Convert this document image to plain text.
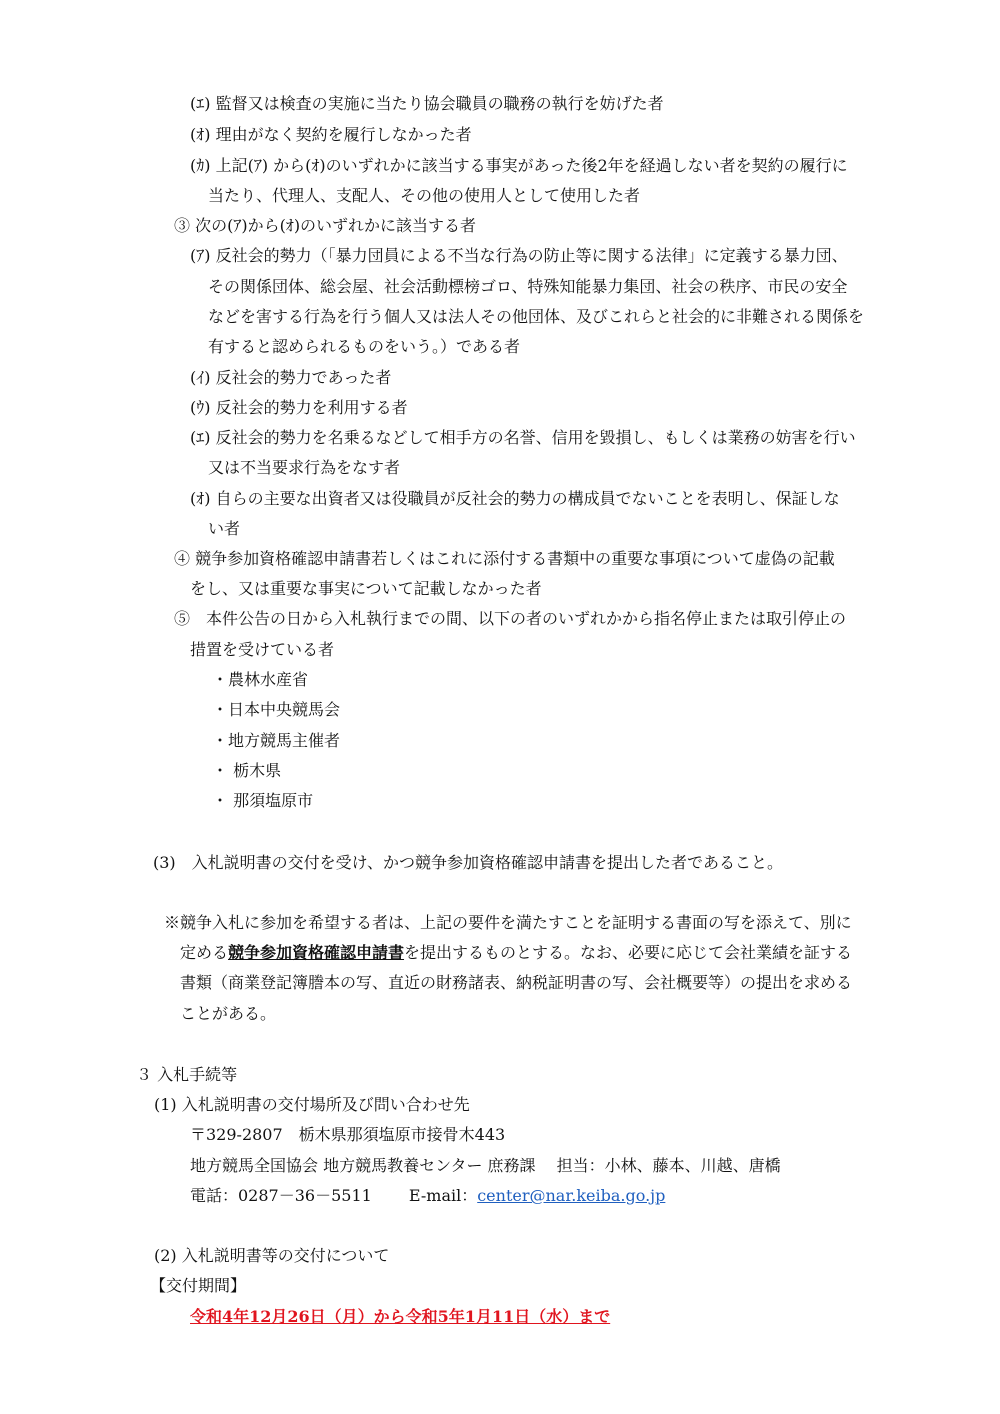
(ｴ) 監督又は検査の実施に当たり協会職員の職務の執行を妨げた者
(ｵ) 理由がなく契約を履行しなかった者
(ｶ) 上記(ｱ) から(ｵ)のいずれかに該当する事実があった後2年を経過しない者を契約の履行に
当たり、代理人、支配人、その他の使用人として使用した者
③ 次の(ｱ)から(ｵ)のいずれかに該当する者
(ｱ) 反社会的勢力（「暴力団員による不当な行為の防止等に関する法律」に定義する暴力団、
その関係団体、総会屋、社会活動標榜ゴロ、特殊知能暴力集団、社会の秩序、市民の安全
などを害する行為を行う個人又は法人その他団体、及びこれらと社会的に非難される関係を
有すると認められるものをいう。）である者
(ｲ) 反社会的勢力であった者
(ｳ) 反社会的勢力を利用する者
(ｴ) 反社会的勢力を名乗るなどして相手方の名誉、信用を毀損し、もしくは業務の妨害を行い
又は不当要求行為をなす者
(ｵ) 自らの主要な出資者又は役職員が反社会的勢力の構成員でないことを表明し、保証しな
い者
④ 競争参加資格確認申請書若しくはこれに添付する書類中の重要な事項について虚偽の記載
をし、又は重要な事実について記載しなかった者
⑤　本件公告の日から入札執行までの間、以下の者のいずれかから指名停止または取引停止の
措置を受けている者
・農林水産省
・日本中央競馬会
・地方競馬主催者
・ 栃木県
・ 那須塩原市
(3)　入札説明書の交付を受け、かつ競争参加資格確認申請書を提出した者であること。
※競争入札に参加を希望する者は、上記の要件を満たすことを証明する書面の写を添えて、別に
定める競争参加資格確認申請書を提出するものとする。なお、必要に応じて会社業績を証する
書類（商業登記簿謄本の写、直近の財務諸表、納税証明書の写、会社概要等）の提出を求める
ことがある。
３ 入札手続等
(1) 入札説明書の交付場所及び問い合わせ先
〒329-2807　栃木県那須塩原市接骨木443
地方競馬全国協会 地方競馬教養センター 庶務課　 担当：小林、藤本、川越、唐橋
電話：0287－36－5511　　 E-mail：center@nar.keiba.go.jp
(2) 入札説明書等の交付について
【交付期間】
令和4年12月26日（月）から令和5年1月11日（水）まで
